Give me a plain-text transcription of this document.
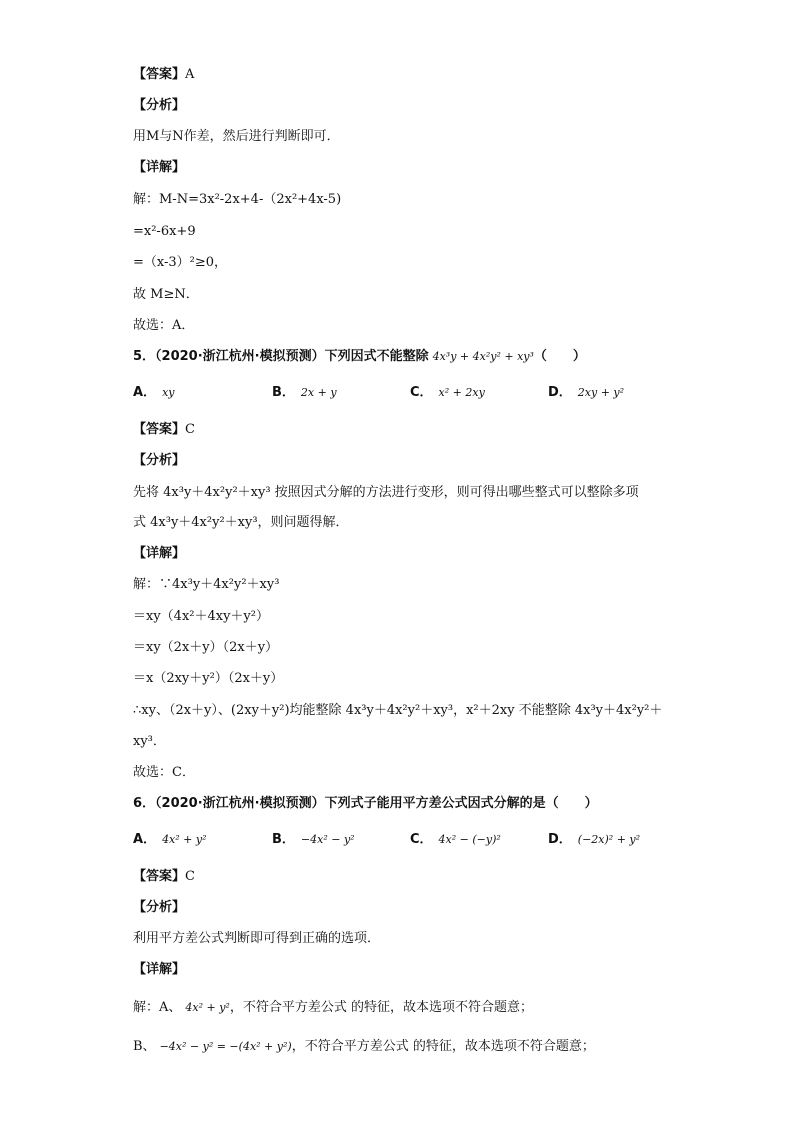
【答案】A
【分析】
用M与N作差，然后进行判断即可．
【详解】
解：M-N=3x²-2x+4-（2x²+4x-5)
=x²-6x+9
=（x-3）²≥0，
故 M≥N．
故选：A．
5．（2020·浙江杭州·模拟预测）下列因式不能整除 4x³y + 4x²y² + xy³（　　）
A． xy	B． 2x + y	C． x² + 2xy	D． 2xy + y²
【答案】C
【分析】
先将 4x³y＋4x²y²＋xy³ 按照因式分解的方法进行变形，则可得出哪些整式可以整除多项
式 4x³y＋4x²y²＋xy³，则问题得解．
【详解】
解：∵4x³y＋4x²y²＋xy³
＝xy（4x²＋4xy＋y²）
＝xy（2x＋y）（2x＋y）
＝x（2xy＋y²）（2x＋y）
∴xy、（2x＋y）、(2xy＋y²)均能整除 4x³y＋4x²y²＋xy³，x²＋2xy 不能整除 4x³y＋4x²y²＋
xy³．
故选：C．
6．（2020·浙江杭州·模拟预测）下列式子能用平方差公式因式分解的是（　　）
A． 4x² + y²	B． −4x² − y²	C． 4x² − (−y)²	D． (−2x)² + y²
【答案】C
【分析】
利用平方差公式判断即可得到正确的选项．
【详解】
解：A、 4x² + y²，不符合平方差公式 的特征，故本选项不符合题意；
B、 −4x² − y² = −(4x² + y²)，不符合平方差公式 的特征，故本选项不符合题意；
